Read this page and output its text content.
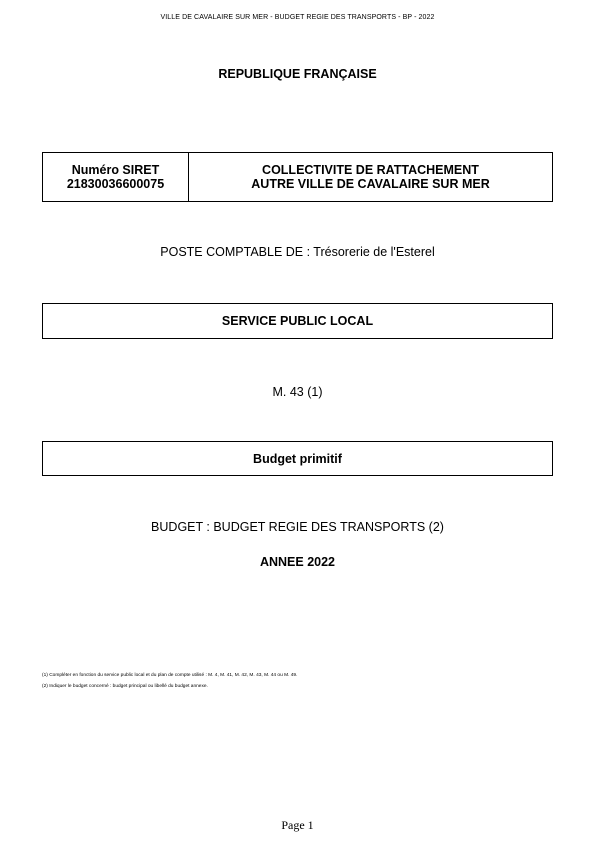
VILLE DE CAVALAIRE SUR MER - BUDGET REGIE DES TRANSPORTS - BP - 2022
REPUBLIQUE FRANÇAISE
Numéro SIRET
21830036600075
COLLECTIVITE DE RATTACHEMENT
AUTRE VILLE DE CAVALAIRE SUR MER
POSTE COMPTABLE DE : Trésorerie de l'Esterel
SERVICE PUBLIC LOCAL
M. 43 (1)
Budget primitif
BUDGET : BUDGET REGIE DES TRANSPORTS (2)
ANNEE 2022
(1) Compléter en fonction du service public local et du plan de compte utilisé : M. 4, M. 41, M. 42, M. 43, M. 44 ou M. 49.
(2) Indiquer le budget concerné : budget principal ou libellé du budget annexe.
Page 1
